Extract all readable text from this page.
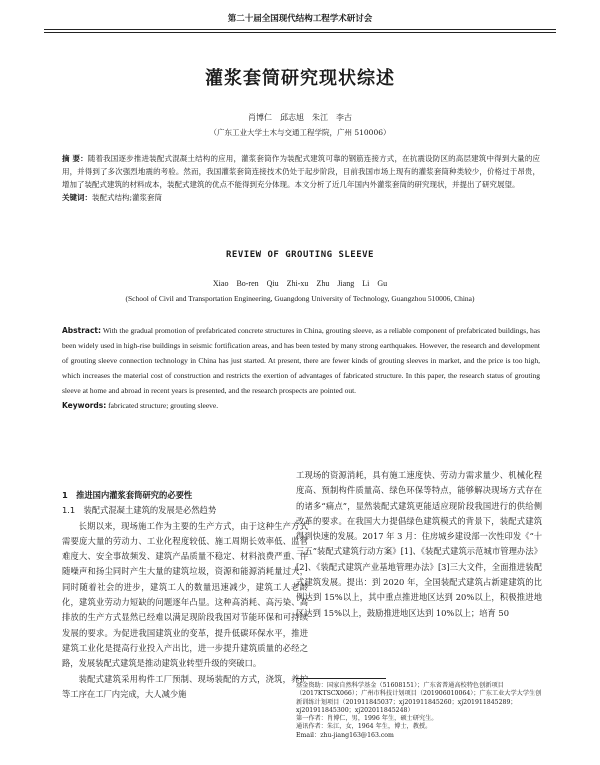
第二十届全国现代结构工程学术研讨会
灌浆套筒研究现状综述
肖博仁　邱志旭　朱江　李古
（广东工业大学土木与交通工程学院，广州 510006）
摘 要：随着我国逐步推进装配式混凝土结构的应用，灌浆套筒作为装配式建筑可靠的钢筋连接方式，在抗震设防区的高层建筑中得到大量的应用，并得到了多次强烈地震的考验。然而，我国灌浆套筒连接技术仍处于起步阶段，目前我国市场上现有的灌浆套筒种类较少，价格过于昂贵，增加了装配式建筑的材料成本，装配式建筑的优点不能得到充分体现。本文分析了近几年国内外灌浆套筒的研究现状，并提出了研究展望。
关键词：装配式结构;灌浆套筒
REVIEW OF GROUTING SLEEVE
Xiao Bo-ren Qiu Zhi-xu Zhu Jiang Li Gu
(School of Civil and Transportation Engineering, Guangdong University of Technology, Guangzhou 510006, China)
Abstract: With the gradual promotion of prefabricated concrete structures in China, grouting sleeve, as a reliable component of prefabricated buildings, has been widely used in high-rise buildings in seismic fortification areas, and has been tested by many strong earthquakes. However, the research and development of grouting sleeve connection technology in China has just started. At present, there are fewer kinds of grouting sleeves in market, and the price is too high, which increases the material cost of construction and restricts the exertion of advantages of fabricated structure. In this paper, the research status of grouting sleeve at home and abroad in recent years is presented, and the research prospects are pointed out.
Keywords: fabricated structure; grouting sleeve.

1　推进国内灌浆套筒研究的必要性

1.1　装配式混凝土建筑的发展是必然趋势

长期以来，现场施工作为主要的生产方式，由于这种生产方式需要庞大量的劳动力、工业化程度较低、施工周期长效率低、监管难度大、安全事故频发、建筑产品质量不稳定、材料浪费严重、伴随噪声和扬尘同时产生大量的建筑垃圾，资源和能源消耗量过大，同时随着社会的进步，建筑工人的数量迅速减少，建筑工人老龄化，建筑业劳动力短缺的问题逐年凸显。这种高消耗、高污染、高排放的生产方式显然已经难以满足现阶段我国对节能环保和可持续发展的要求。为促进我国建筑业的变革，提升低碳环保水平，推进建筑工业化是提高行业投入产出比，进一步提升建筑质量的必经之路，发展装配式建筑是推动建筑业转型升级的突破口。

装配式建筑采用构件工厂预制、现场装配的方式，浇筑，养护等工序在工厂内完成，大人减少施

工现场的资源消耗，具有施工速度快、劳动力需求量少、机械化程度高、预制构件质量高、绿色环保等特点，能够解决现场方式存在的诸多“痛点”，显然装配式建筑更能适应现阶段我国进行的供给侧改革的要求。在我国大力提倡绿色建筑模式的背景下，装配式建筑得到快速的发展。2017 年 3 月：住房城乡建设部一次性印发《“十三五”装配式建筑行动方案》[1]、《装配式建筑示范城市管理办法》[2]、《装配式建筑产业基地管理办法》[3]三大文件，全面推进装配式建筑发展。提出：到 2020 年，全国装配式建筑占新建建筑的比例达到 15%以上，其中重点推进地区达到 20%以上，积极推进地区达到 15%以上，鼓励推进地区达到 10%以上；培育 50

基金资助：国家自然科学基金（51608151）；广东省普通高校特色创新项目（2017KTSCX066）；广州市科技计划项目（201906010064）；广东工业大学大学生创新训练计划项目（201911845037；xj201911845260；xj201911845289；xj201911845300；xj202011845248）

第一作者：肖博仁，男，1996 年生，硕士研究生。

通讯作者：朱江，女，1964 年生，博士，教授。

Email：zhu-jiang163@163.com
